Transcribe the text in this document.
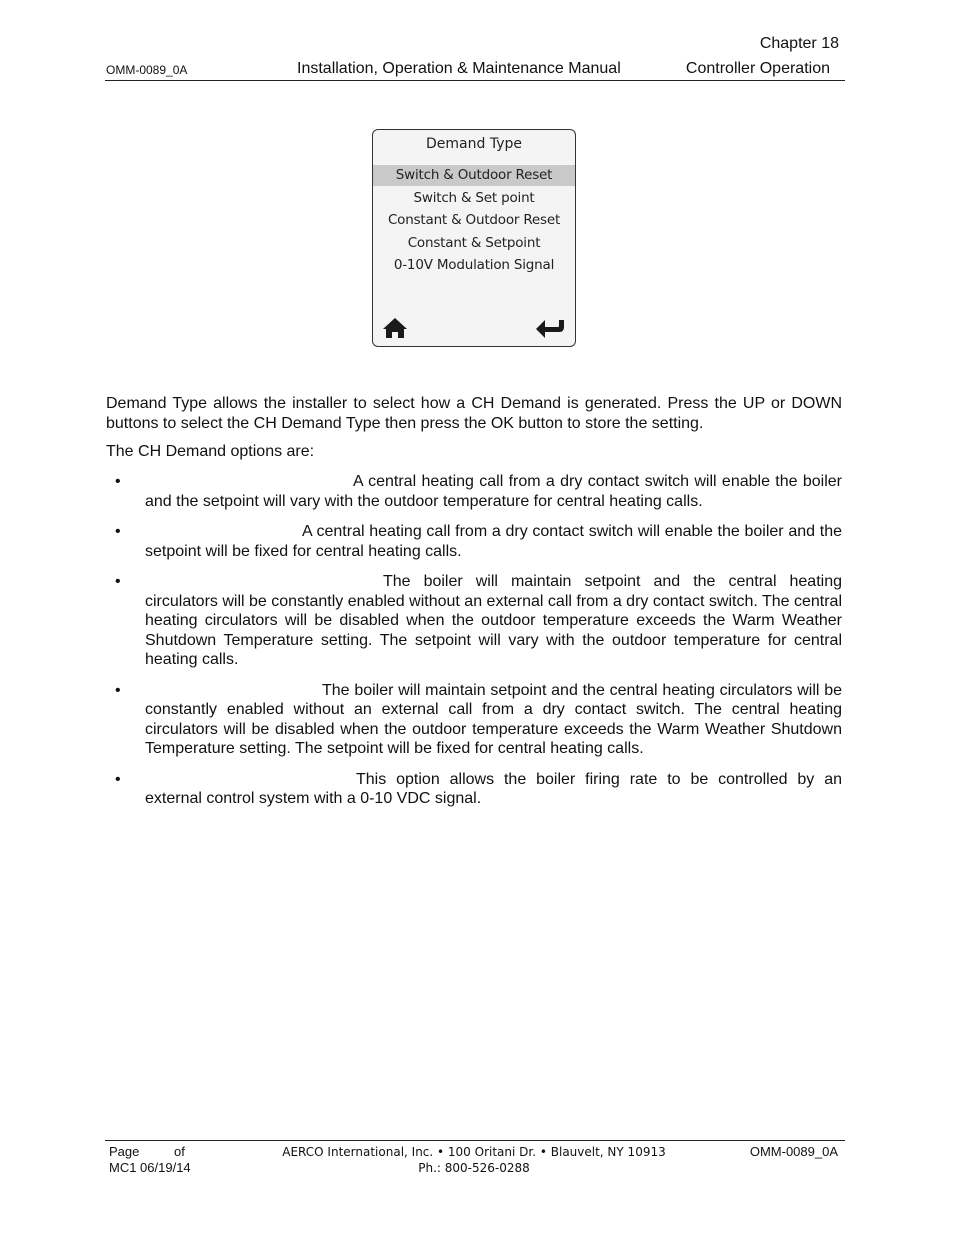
Chapter 18
OMM-0089_0A	Installation, Operation & Maintenance Manual	Controller Operation
Demand Type
Switch & Outdoor Reset
Switch & Set point
Constant & Outdoor Reset
Constant & Setpoint
0-10V Modulation Signal
Demand Type allows the installer to select how a CH Demand is generated. Press the UP or DOWN buttons to select the CH Demand Type then press the OK button to store the setting.
The CH Demand options are:
•	A central heating call from a dry contact switch will enable the boiler and the setpoint will vary with the outdoor temperature for central heating calls.
•	A central heating call from a dry contact switch will enable the boiler and the setpoint will be fixed for central heating calls.
•	The boiler will maintain setpoint and the central heating circulators will be constantly enabled without an external call from a dry contact switch. The central heating circulators will be disabled when the outdoor temperature exceeds the Warm Weather Shutdown Temperature setting. The setpoint will vary with the outdoor temperature for central heating calls.
•	The boiler will maintain setpoint and the central heating circulators will be constantly enabled without an external call from a dry contact switch. The central heating circulators will be disabled when the outdoor temperature exceeds the Warm Weather Shutdown Temperature setting. The setpoint will be fixed for central heating calls.
•	This option allows the boiler firing rate to be controlled by an external control system with a 0-10 VDC signal.
Page	of
MC1 06/19/14
AERCO International, Inc. • 100 Oritani Dr. • Blauvelt, NY 10913
Ph.: 800-526-0288
OMM-0089_0A
